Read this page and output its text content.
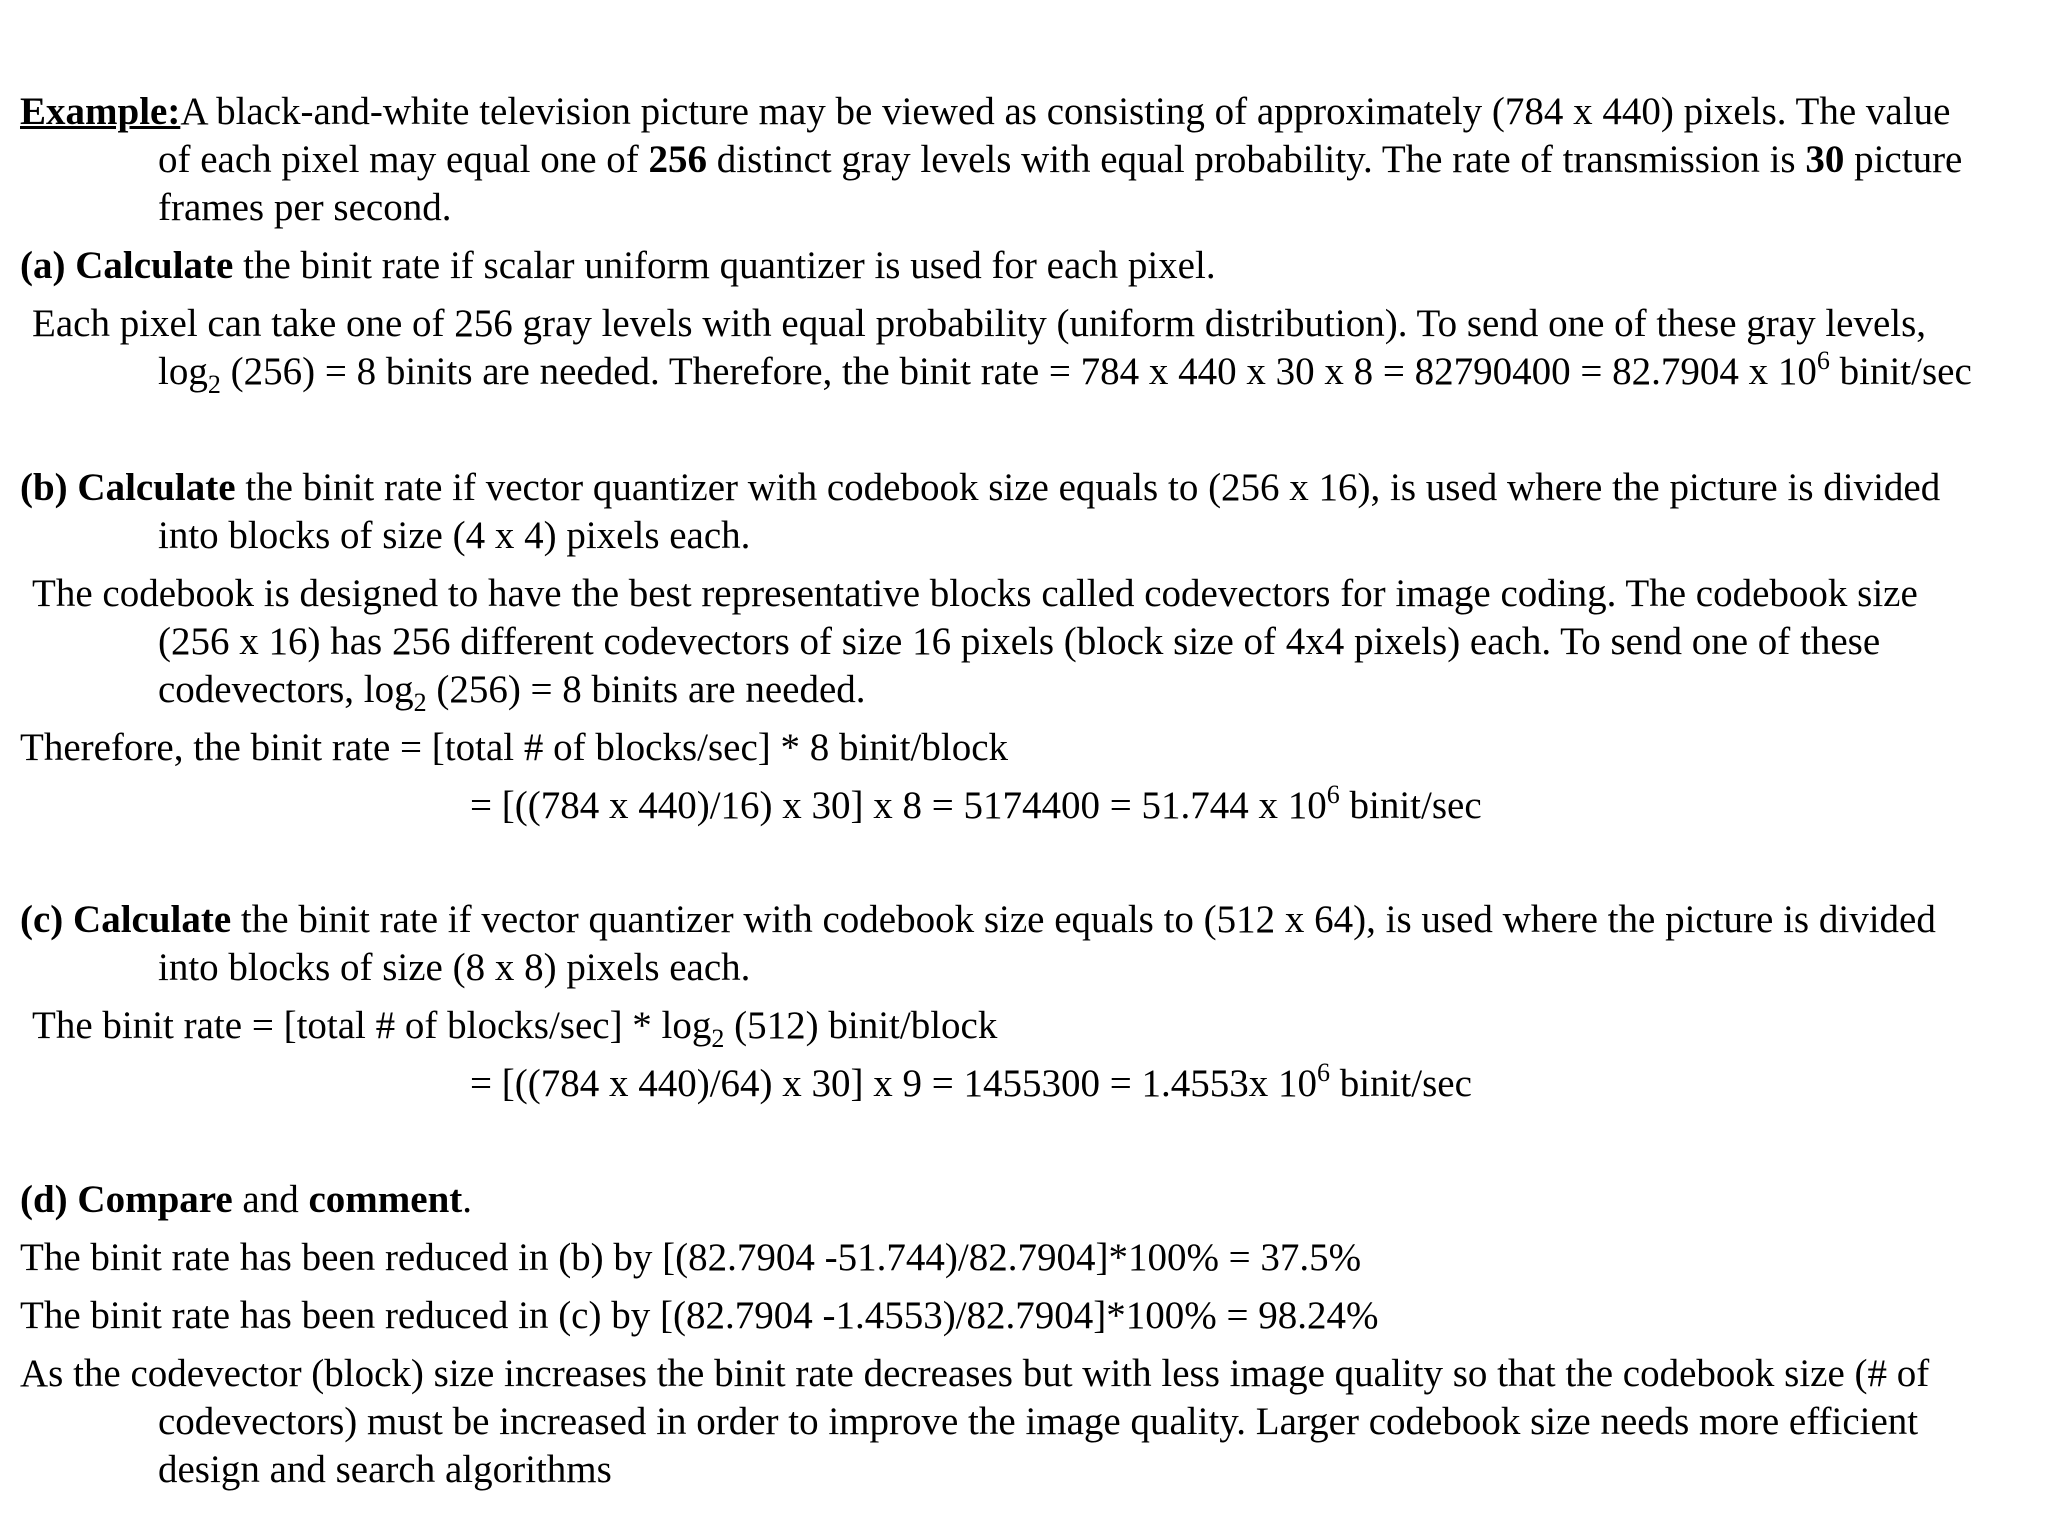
Example:A black-and-white television picture may be viewed as consisting of approximately (784 x 440) pixels. The value
of each pixel may equal one of 256 distinct gray levels with equal probability. The rate of transmission is 30 picture
frames per second.
(a) Calculate the binit rate if scalar uniform quantizer is used for each pixel.
Each pixel can take one of 256 gray levels with equal probability (uniform distribution). To send one of these gray levels,
$\log_2 (256) = 8$ binits are needed. Therefore, the binit rate = 784 x 440 x 30 x 8 = 82790400 = 82.7904 x $10^6$ binit/sec
(b) Calculate the binit rate if vector quantizer with codebook size equals to (256 x 16), is used where the picture is divided
into blocks of size (4 x 4) pixels each.
The codebook is designed to have the best representative blocks called codevectors for image coding. The codebook size
(256 x 16) has 256 different codevectors of size 16 pixels (block size of 4x4 pixels) each. To send one of these
codevectors, $\log_2 (256) = 8$ binits are needed.
Therefore, the binit rate = [total # of blocks/sec] * 8 binit/block
= [((784 x 440)/16) x 30] x 8 = 5174400 = 51.744 x $10^6$ binit/sec
(c) Calculate the binit rate if vector quantizer with codebook size equals to (512 x 64), is used where the picture is divided
into blocks of size (8 x 8) pixels each.
The binit rate = [total # of blocks/sec] * $\log_2 (512)$ binit/block
= [((784 x 440)/64) x 30] x 9 = 1455300 = 1.4553x $10^6$ binit/sec
(d) Compare and comment.
The binit rate has been reduced in (b) by [(82.7904 -51.744)/82.7904]*100% = 37.5%
The binit rate has been reduced in (c) by [(82.7904 -1.4553)/82.7904]*100% = 98.24%
As the codevector (block) size increases the binit rate decreases but with less image quality so that the codebook size (# of
codevectors) must be increased in order to improve the image quality. Larger codebook size needs more efficient
design and search algorithms
